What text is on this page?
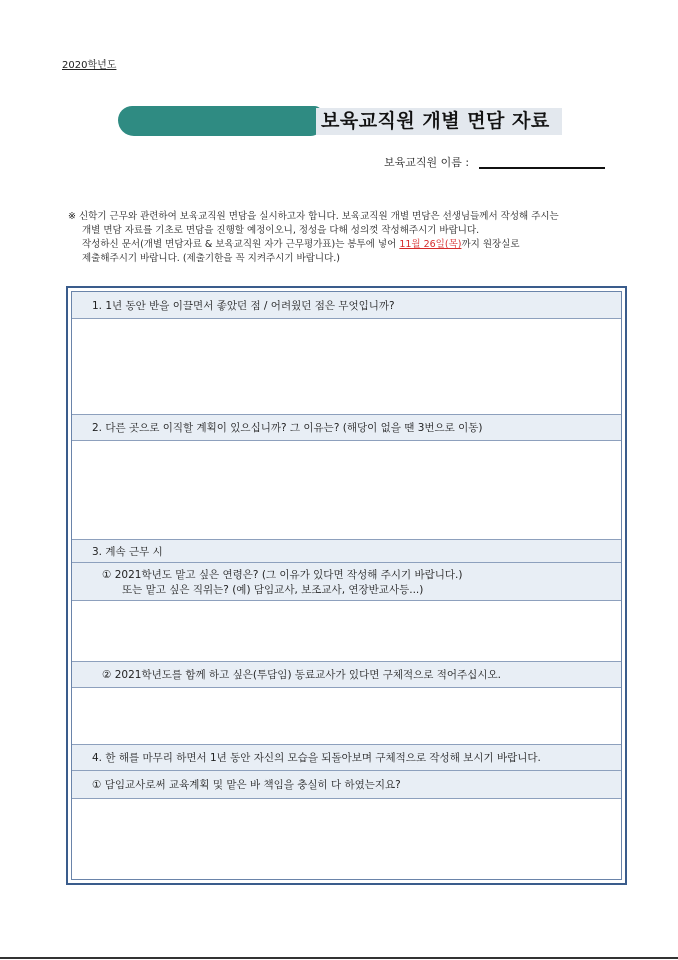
2020학년도
보육교직원 개별 면담 자료
보육교직원 이름 :

※ 신학기 근무와 관련하여 보육교직원 면담을 실시하고자 합니다. 보육교직원 개별 면담은 선생님들께서 작성해 주시는

개별 면담 자료를 기초로 면담을 진행할 예정이오니, 정성을 다해 성의껏 작성해주시기 바랍니다.

작성하신 문서(개별 면담자료 & 보육교직원 자가 근무평가표)는 봉투에 넣어 11월 26일(목)까지 원장실로

제출해주시기 바랍니다. (제출기한을 꼭 지켜주시기 바랍니다.)

1. 1년 동안 반을 이끌면서 좋았던 점 / 어려웠던 점은 무엇입니까?
2. 다른 곳으로 이직할 계획이 있으십니까? 그 이유는? (해당이 없을 땐 3번으로 이동)
3. 계속 근무 시
① 2021학년도 맡고 싶은 연령은? (그 이유가 있다면 작성해 주시기 바랍니다.)
또는 맡고 싶은 직위는? (예) 담임교사, 보조교사, 연장반교사등...)
② 2021학년도를 함께 하고 싶은(투담임) 동료교사가 있다면 구체적으로 적어주십시오.
4. 한 해를 마무리 하면서 1년 동안 자신의 모습을 되돌아보며 구체적으로 작성해 보시기 바랍니다.
① 담임교사로써 교육계획 및 맡은 바 책임을 충실히 다 하였는지요?
